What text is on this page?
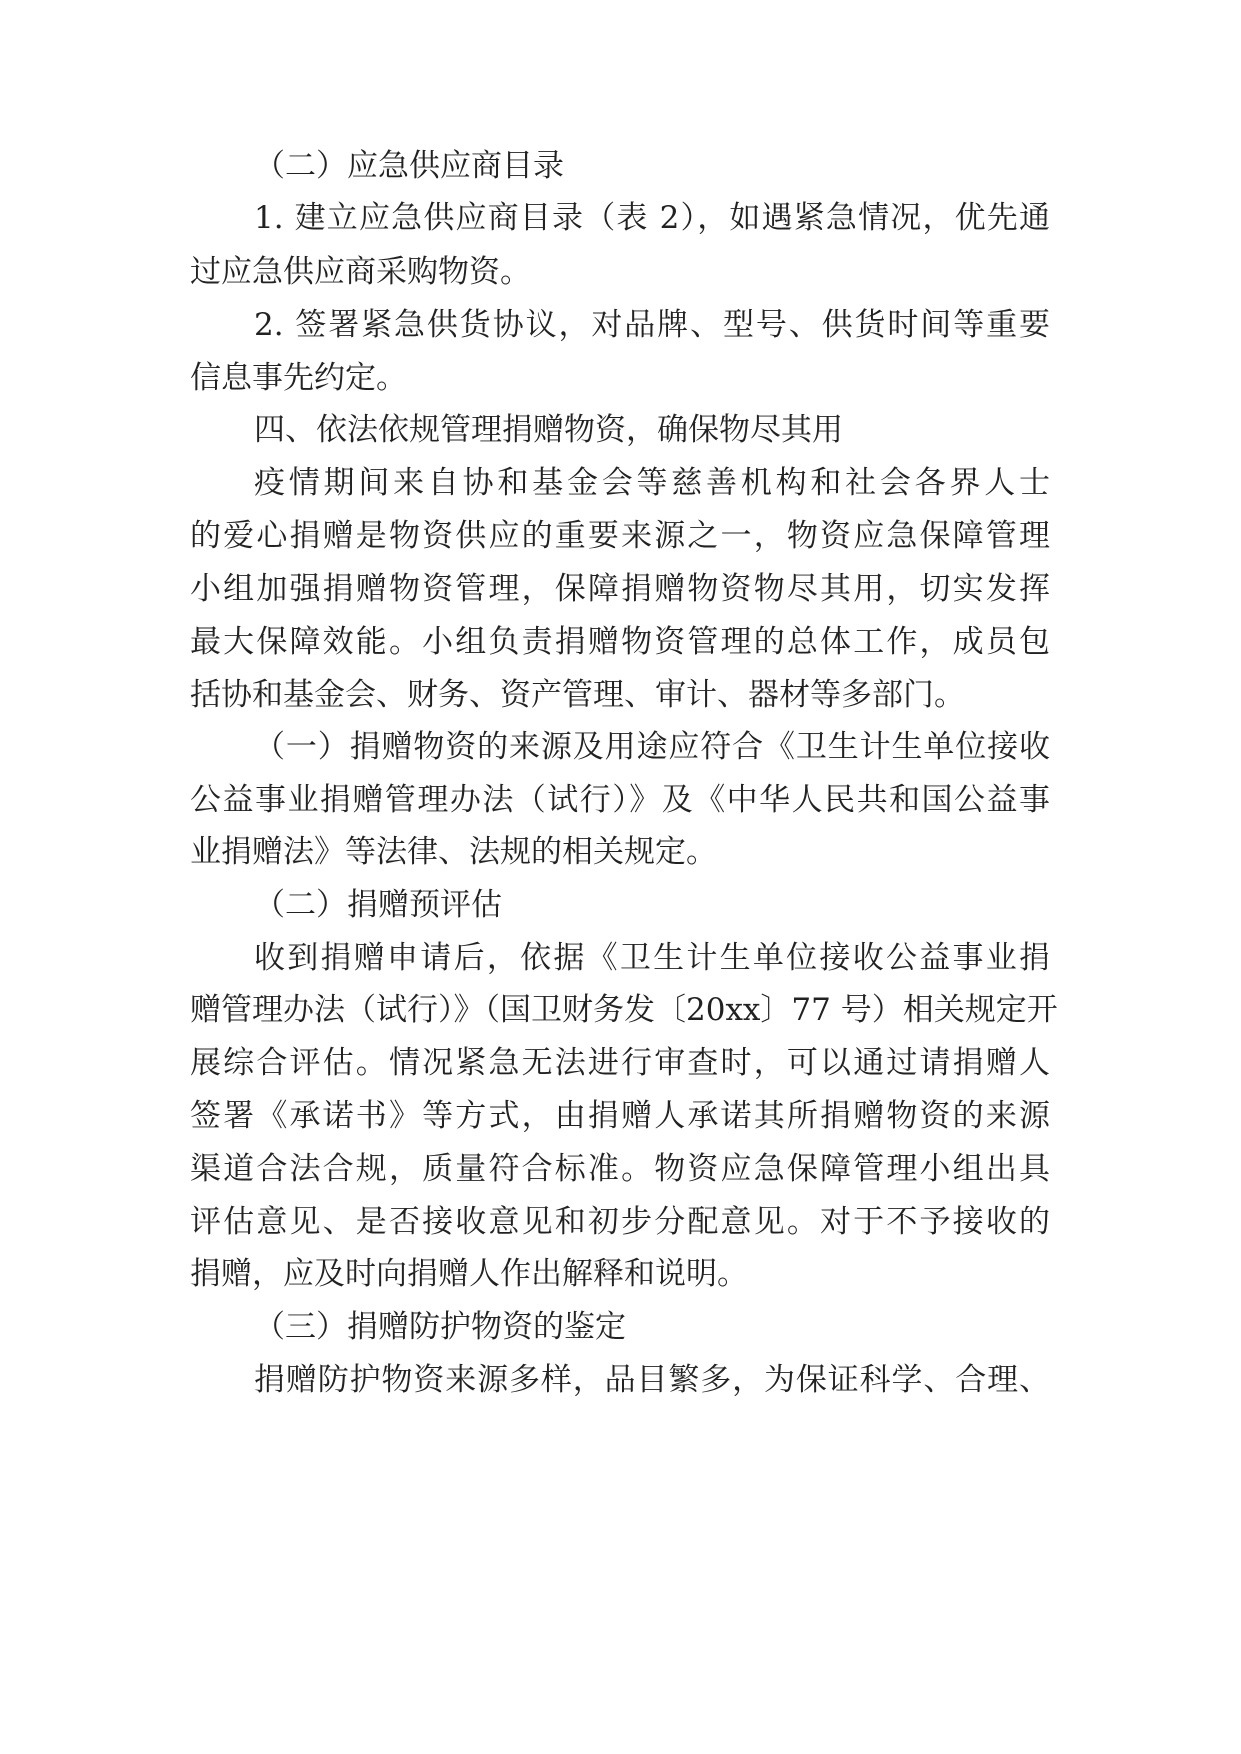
（二）应急供应商目录
1. 建立应急供应商目录（表 2），如遇紧急情况，优先通
过应急供应商采购物资。
2. 签署紧急供货协议，对品牌、型号、供货时间等重要
信息事先约定。
四、依法依规管理捐赠物资，确保物尽其用
疫情期间来自协和基金会等慈善机构和社会各界人士
的爱心捐赠是物资供应的重要来源之一，物资应急保障管理
小组加强捐赠物资管理，保障捐赠物资物尽其用，切实发挥
最大保障效能。小组负责捐赠物资管理的总体工作，成员包
括协和基金会、财务、资产管理、审计、器材等多部门。
（一）捐赠物资的来源及用途应符合《卫生计生单位接收
公益事业捐赠管理办法（试行）》及《中华人民共和国公益事
业捐赠法》等法律、法规的相关规定。
（二）捐赠预评估
收到捐赠申请后，依据《卫生计生单位接收公益事业捐
赠管理办法（试行）》（国卫财务发〔20xx〕77 号）相关规定开
展综合评估。情况紧急无法进行审查时，可以通过请捐赠人
签署《承诺书》等方式，由捐赠人承诺其所捐赠物资的来源
渠道合法合规，质量符合标准。物资应急保障管理小组出具
评估意见、是否接收意见和初步分配意见。对于不予接收的
捐赠，应及时向捐赠人作出解释和说明。
（三）捐赠防护物资的鉴定
捐赠防护物资来源多样，品目繁多，为保证科学、合理、
